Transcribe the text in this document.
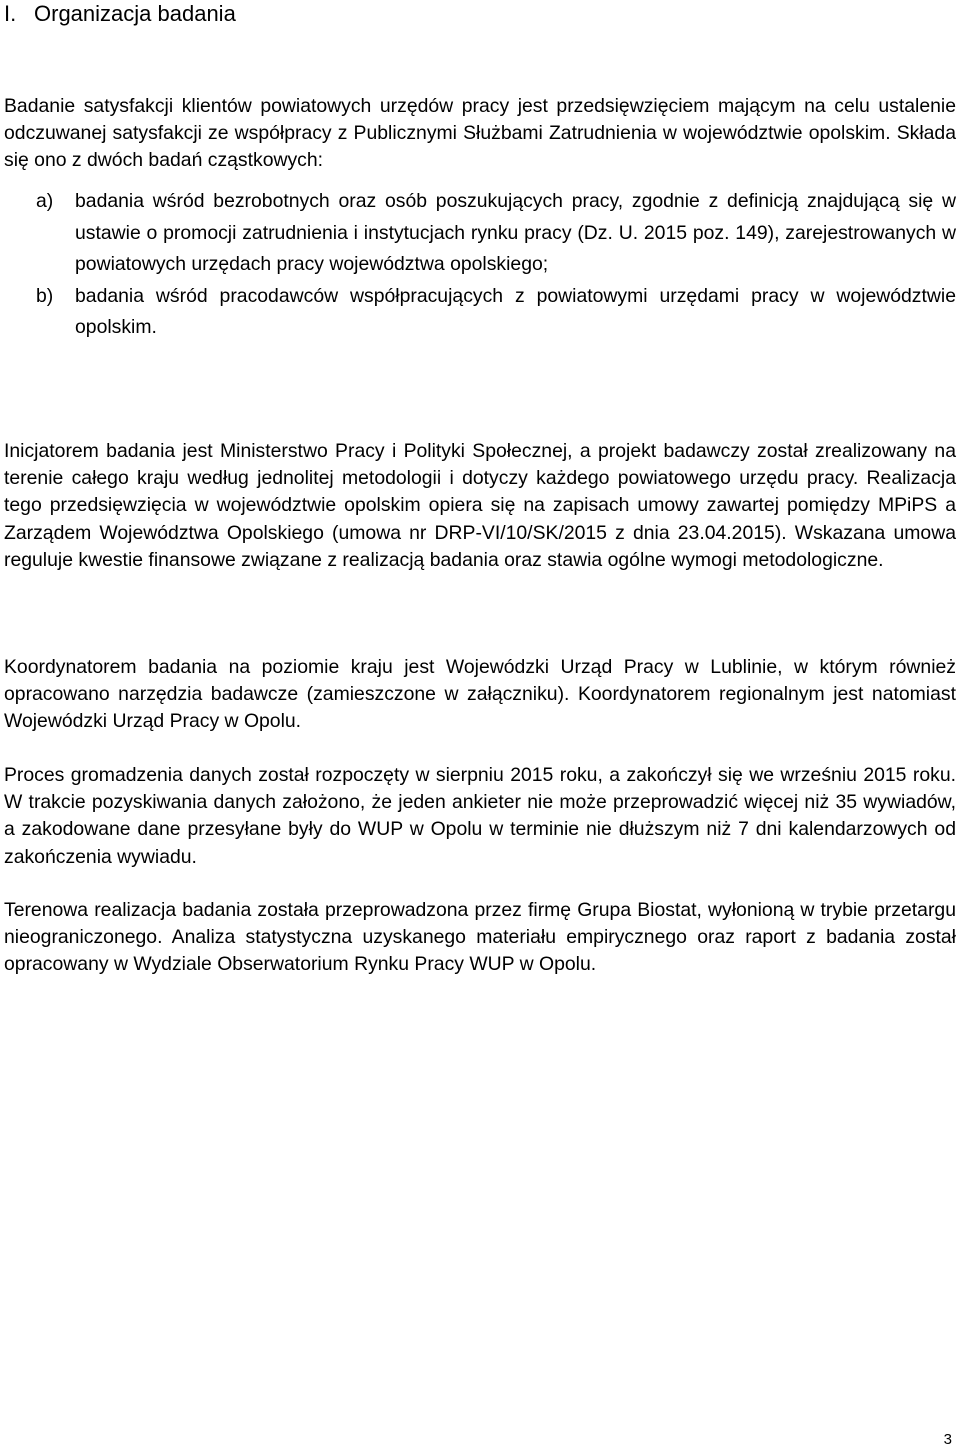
I. Organizacja badania

Badanie satysfakcji klientów powiatowych urzędów pracy jest przedsięwzięciem mającym na celu ustalenie odczuwanej satysfakcji ze współpracy z Publicznymi Służbami Zatrudnienia w województwie opolskim. Składa się ono z dwóch badań cząstkowych:

a) badania wśród bezrobotnych oraz osób poszukujących pracy, zgodnie z definicją znajdującą się w ustawie o promocji zatrudnienia i instytucjach rynku pracy (Dz. U. 2015 poz. 149), zarejestrowanych w powiatowych urzędach pracy województwa opolskiego;
b) badania wśród pracodawców współpracujących z powiatowymi urzędami pracy w województwie opolskim.

Inicjatorem badania jest Ministerstwo Pracy i Polityki Społecznej, a projekt badawczy został zrealizowany na terenie całego kraju według jednolitej metodologii i dotyczy każdego powiatowego urzędu pracy. Realizacja tego przedsięwzięcia w województwie opolskim opiera się na zapisach umowy zawartej pomiędzy MPiPS a Zarządem Województwa Opolskiego (umowa nr DRP-VI/10/SK/2015 z dnia 23.04.2015). Wskazana umowa reguluje kwestie finansowe związane z realizacją badania oraz stawia ogólne wymogi metodologiczne.

Koordynatorem badania na poziomie kraju jest Wojewódzki Urząd Pracy w Lublinie, w którym również opracowano narzędzia badawcze (zamieszczone w załączniku). Koordynatorem regionalnym jest natomiast Wojewódzki Urząd Pracy w Opolu.

Proces gromadzenia danych został rozpoczęty w sierpniu 2015 roku, a zakończył się we wrześniu 2015 roku. W trakcie pozyskiwania danych założono, że jeden ankieter nie może przeprowadzić więcej niż 35 wywiadów, a zakodowane dane przesyłane były do WUP w Opolu w terminie nie dłuższym niż 7 dni kalendarzowych od zakończenia wywiadu.

Terenowa realizacja badania została przeprowadzona przez firmę Grupa Biostat, wyłonioną w trybie przetargu nieograniczonego. Analiza statystyczna uzyskanego materiału empirycznego oraz raport z badania został opracowany w Wydziale Obserwatorium Rynku Pracy WUP w Opolu.

3
